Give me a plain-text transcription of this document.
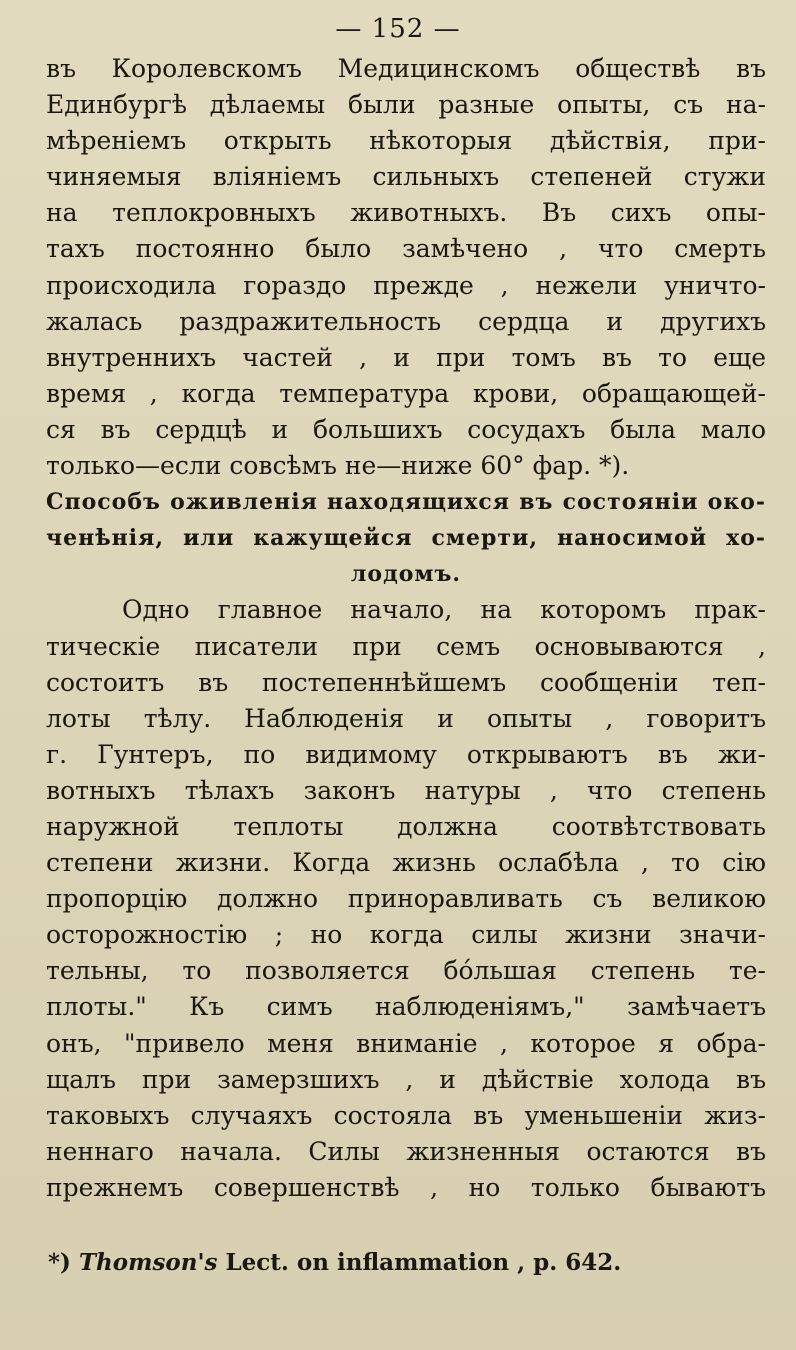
— 152 —
въ Королевскомъ Медицинскомъ обществѣ въ
Единбургѣ дѣлаемы были разные опыты, съ на-
мѣреніемъ открыть нѣкоторыя дѣйствія, при-
чиняемыя вліяніемъ сильныхъ степеней стужи
на теплокровныхъ животныхъ. Въ сихъ опы-
тахъ постоянно было замѣчено , что смерть
происходила гораздо прежде , нежели уничто-
жалась раздражительность сердца и другихъ
внутреннихъ частей , и при томъ въ то еще
время , когда температура крови, обращающей-
ся въ сердцѣ и большихъ сосудахъ была мало
только—если совсѣмъ не—ниже 60° фар. *).
Способъ оживленія находящихся въ состояніи око-
ченѣнія, или кажущейся смерти, наносимой хо-
лодомъ.
Одно главное начало, на которомъ прак-
тическіе писатели при семъ основываются ,
состоитъ въ постепеннѣйшемъ сообщеніи теп-
лоты тѣлу. Наблюденія и опыты , говоритъ
г. Гунтеръ, по видимому открываютъ въ жи-
вотныхъ тѣлахъ законъ натуры , что степень
наружной теплоты должна соотвѣтствовать
степени жизни. Когда жизнь ослабѣла , то сію
пропорцію должно приноравливать съ великою
осторожностію ; но когда силы жизни значи-
тельны, то позволяется бо́льшая степень те-
плоты." Къ симъ наблюденіямъ," замѣчаетъ
онъ, "привело меня вниманіе , которое я обра-
щалъ при замерзшихъ , и дѣйствіе холода въ
таковыхъ случаяхъ состояла въ уменьшеніи жиз-
неннаго начала. Силы жизненныя остаются въ
прежнемъ совершенствѣ , но только бываютъ
*) Thomson's Lect. on inflammation , p. 642.
